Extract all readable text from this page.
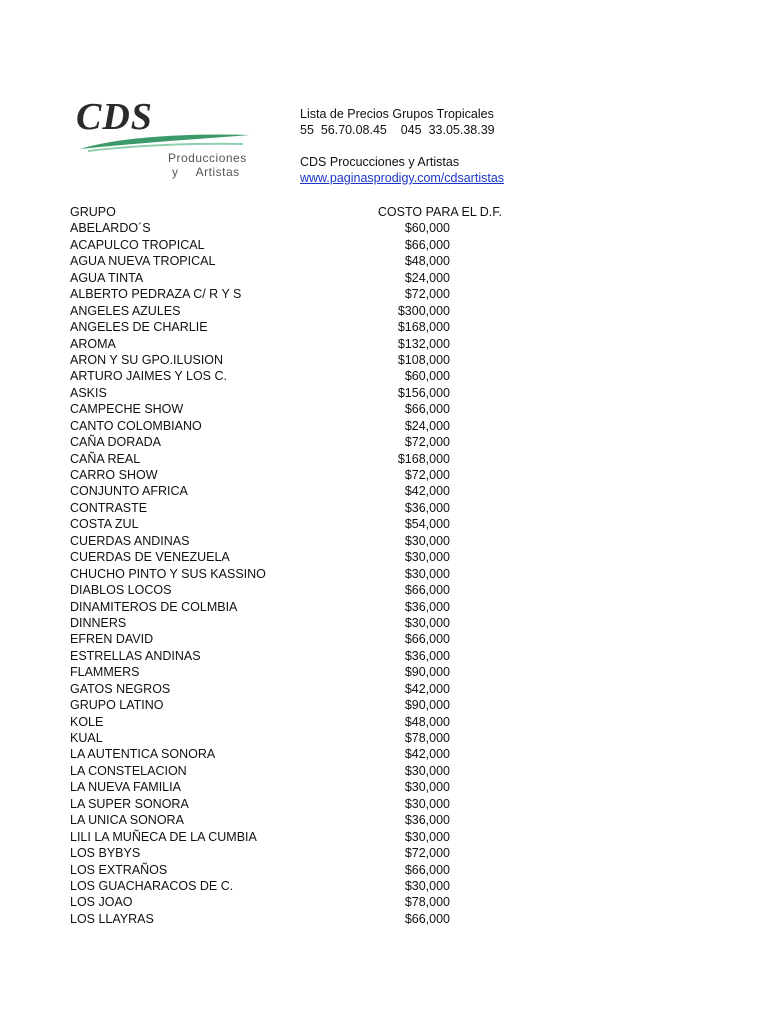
CDS
Producciones
y Artistas
Lista de Precios Grupos Tropicales
55  56.70.08.45    045  33.05.38.39
CDS Procucciones y Artistas
www.paginasprodigy.com/cdsartistas
GRUPO	COSTO PARA EL D.F.
ABELARDO´S	$60,000
ACAPULCO TROPICAL	$66,000
AGUA NUEVA TROPICAL	$48,000
AGUA TINTA	$24,000
ALBERTO PEDRAZA C/ R Y S	$72,000
ANGELES AZULES	$300,000
ANGELES DE CHARLIE	$168,000
AROMA	$132,000
ARON Y SU GPO.ILUSION	$108,000
ARTURO JAIMES Y LOS C.	$60,000
ASKIS	$156,000
CAMPECHE SHOW	$66,000
CANTO COLOMBIANO	$24,000
CAÑA DORADA	$72,000
CAÑA REAL	$168,000
CARRO SHOW	$72,000
CONJUNTO AFRICA	$42,000
CONTRASTE	$36,000
COSTA ZUL	$54,000
CUERDAS ANDINAS	$30,000
CUERDAS DE VENEZUELA	$30,000
CHUCHO PINTO Y SUS KASSINO	$30,000
DIABLOS LOCOS	$66,000
DINAMITEROS DE COLMBIA	$36,000
DINNERS	$30,000
EFREN DAVID	$66,000
ESTRELLAS ANDINAS	$36,000
FLAMMERS	$90,000
GATOS NEGROS	$42,000
GRUPO LATINO	$90,000
KOLE	$48,000
KUAL	$78,000
LA AUTENTICA SONORA	$42,000
LA CONSTELACION	$30,000
LA NUEVA FAMILIA	$30,000
LA SUPER SONORA	$30,000
LA UNICA SONORA	$36,000
LILI LA MUÑECA DE LA CUMBIA	$30,000
LOS BYBYS	$72,000
LOS EXTRAÑOS	$66,000
LOS GUACHARACOS DE C.	$30,000
LOS JOAO	$78,000
LOS LLAYRAS	$66,000
